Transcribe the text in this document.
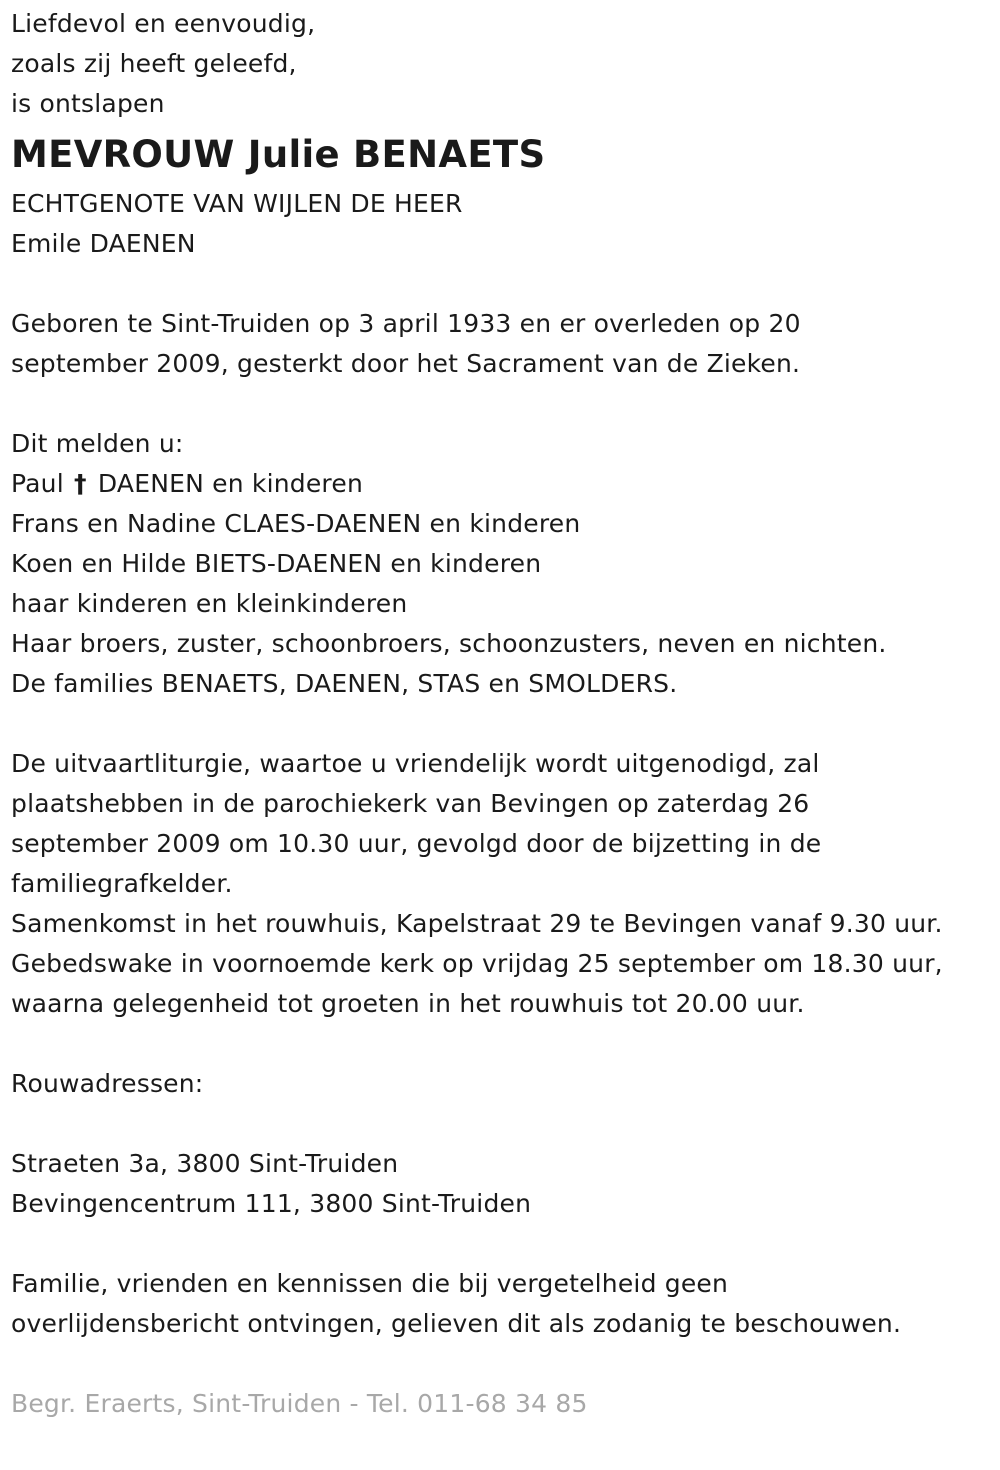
Liefdevol en eenvoudig,
zoals zij heeft geleefd,
is ontslapen
MEVROUW Julie BENAETS
ECHTGENOTE VAN WIJLEN DE HEER
Emile DAENEN
Geboren te Sint-Truiden op 3 april 1933 en er overleden op 20
september 2009, gesterkt door het Sacrament van de Zieken.
Dit melden u:
Paul † DAENEN en kinderen
Frans en Nadine CLAES-DAENEN en kinderen
Koen en Hilde BIETS-DAENEN en kinderen
haar kinderen en kleinkinderen
Haar broers, zuster, schoonbroers, schoonzusters, neven en nichten.
De families BENAETS, DAENEN, STAS en SMOLDERS.
De uitvaartliturgie, waartoe u vriendelijk wordt uitgenodigd, zal
plaatshebben in de parochiekerk van Bevingen op zaterdag 26
september 2009 om 10.30 uur, gevolgd door de bijzetting in de
familiegrafkelder.
Samenkomst in het rouwhuis, Kapelstraat 29 te Bevingen vanaf 9.30 uur.
Gebedswake in voornoemde kerk op vrijdag 25 september om 18.30 uur,
waarna gelegenheid tot groeten in het rouwhuis tot 20.00 uur.
Rouwadressen:
Straeten 3a, 3800 Sint-Truiden
Bevingencentrum 111, 3800 Sint-Truiden
Familie, vrienden en kennissen die bij vergetelheid geen
overlijdensbericht ontvingen, gelieven dit als zodanig te beschouwen.
Begr. Eraerts, Sint-Truiden - Tel. 011-68 34 85
